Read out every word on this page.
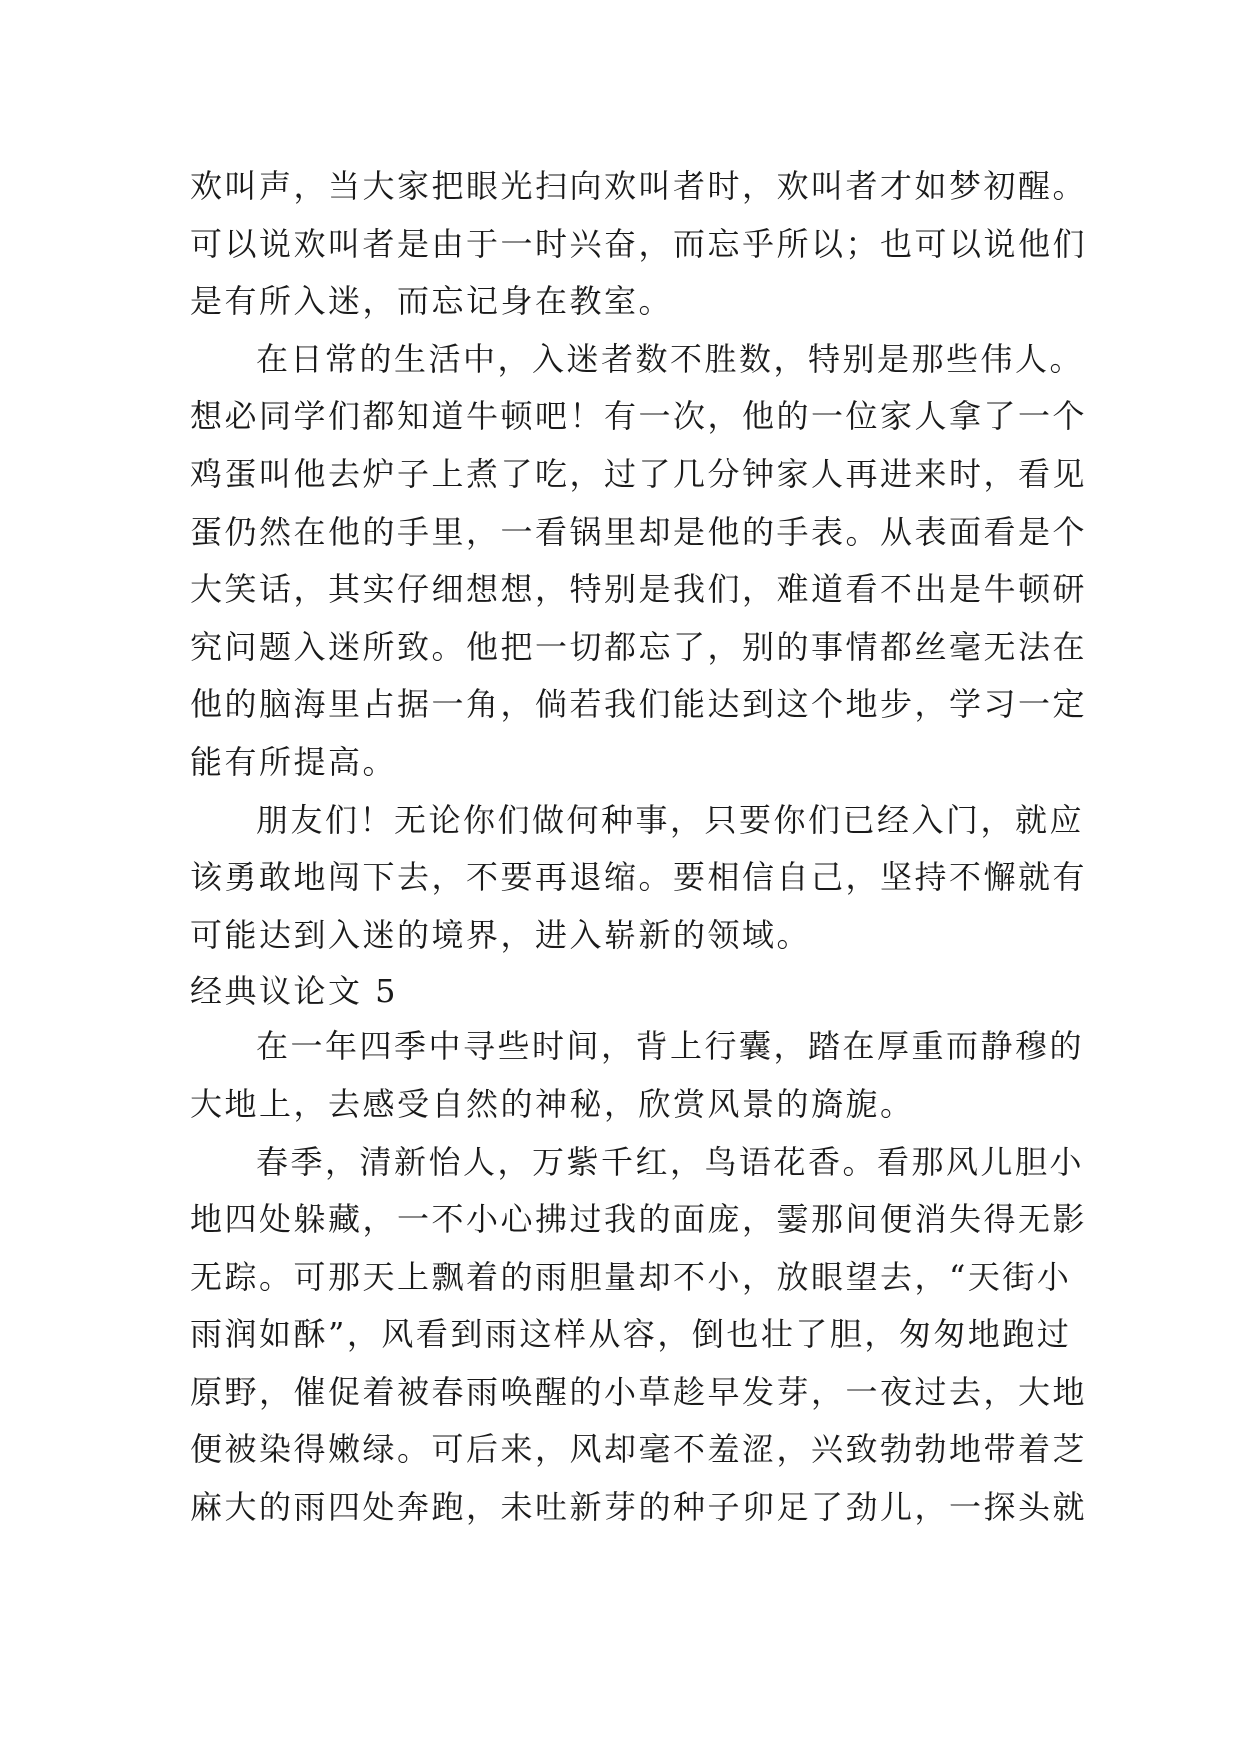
欢叫声，当大家把眼光扫向欢叫者时，欢叫者才如梦初醒。
可以说欢叫者是由于一时兴奋，而忘乎所以；也可以说他们
是有所入迷，而忘记身在教室。
在日常的生活中，入迷者数不胜数，特别是那些伟人。
想必同学们都知道牛顿吧！有一次，他的一位家人拿了一个
鸡蛋叫他去炉子上煮了吃，过了几分钟家人再进来时，看见
蛋仍然在他的手里，一看锅里却是他的手表。从表面看是个
大笑话，其实仔细想想，特别是我们，难道看不出是牛顿研
究问题入迷所致。他把一切都忘了，别的事情都丝毫无法在
他的脑海里占据一角，倘若我们能达到这个地步，学习一定
能有所提高。
朋友们！无论你们做何种事，只要你们已经入门，就应
该勇敢地闯下去，不要再退缩。要相信自己，坚持不懈就有
可能达到入迷的境界，进入崭新的领域。
经典议论文 5
在一年四季中寻些时间，背上行囊，踏在厚重而静穆的
大地上，去感受自然的神秘，欣赏风景的旖旎。
春季，清新怡人，万紫千红，鸟语花香。看那风儿胆小
地四处躲藏，一不小心拂过我的面庞，霎那间便消失得无影
无踪。可那天上飘着的雨胆量却不小，放眼望去，“天街小
雨润如酥”，风看到雨这样从容，倒也壮了胆，匆匆地跑过
原野，催促着被春雨唤醒的小草趁早发芽，一夜过去，大地
便被染得嫩绿。可后来，风却毫不羞涩，兴致勃勃地带着芝
麻大的雨四处奔跑，未吐新芽的种子卯足了劲儿，一探头就
